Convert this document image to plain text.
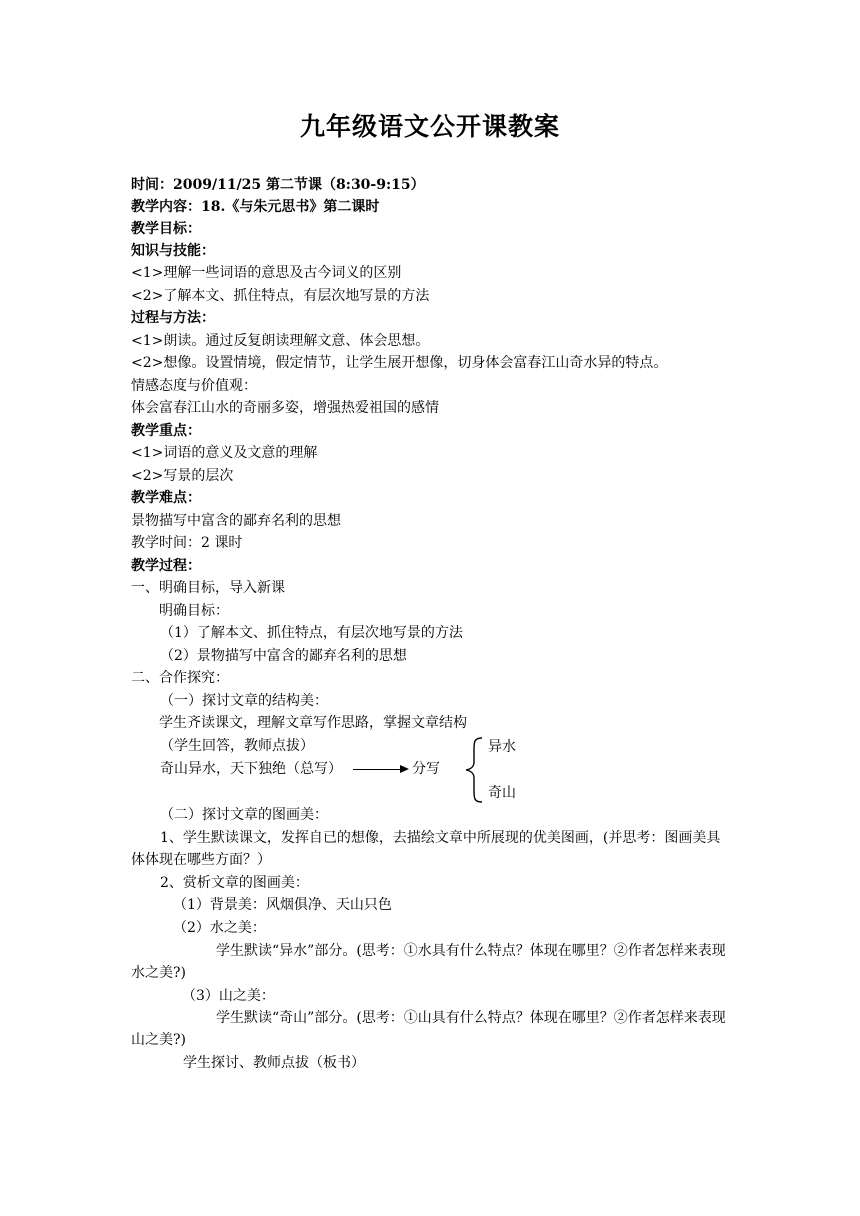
九年级语文公开课教案
时间：2009/11/25 第二节课（8:30-9:15）
教学内容：18.《与朱元思书》第二课时
教学目标：
知识与技能：
<1>理解一些词语的意思及古今词义的区别
<2>了解本文、抓住特点，有层次地写景的方法
过程与方法：
<1>朗读。通过反复朗读理解文意、体会思想。
<2>想像。设置情境，假定情节，让学生展开想像，切身体会富春江山奇水异的特点。
情感态度与价值观：
体会富春江山水的奇丽多姿，增强热爱祖国的感情
教学重点：
<1>词语的意义及文意的理解
<2>写景的层次
教学难点：
景物描写中富含的鄙弃名利的思想
教学时间：2 课时
教学过程：
一、明确目标，导入新课
明确目标：
（1）了解本文、抓住特点，有层次地写景的方法
（2）景物描写中富含的鄙弃名利的思想
二、合作探究：
（一）探讨文章的结构美：
学生齐读课文，理解文章写作思路，掌握文章结构
（学生回答，教师点拔）
奇山异水，天下独绝（总写）	分写
异水
奇山
（二）探讨文章的图画美：
1、学生默读课文，发挥自已的想像，去描绘文章中所展现的优美图画，(并思考：图画美具体体现在哪些方面？）
2、赏析文章的图画美：
（1）背景美：风烟俱净、天山只色
（2）水之美：
学生默读“异水”部分。(思考：①水具有什么特点？体现在哪里？②作者怎样来表现水之美?)
（3）山之美：
学生默读“奇山”部分。(思考：①山具有什么特点？体现在哪里？②作者怎样来表现山之美?)
学生探讨、教师点拔（板书）
